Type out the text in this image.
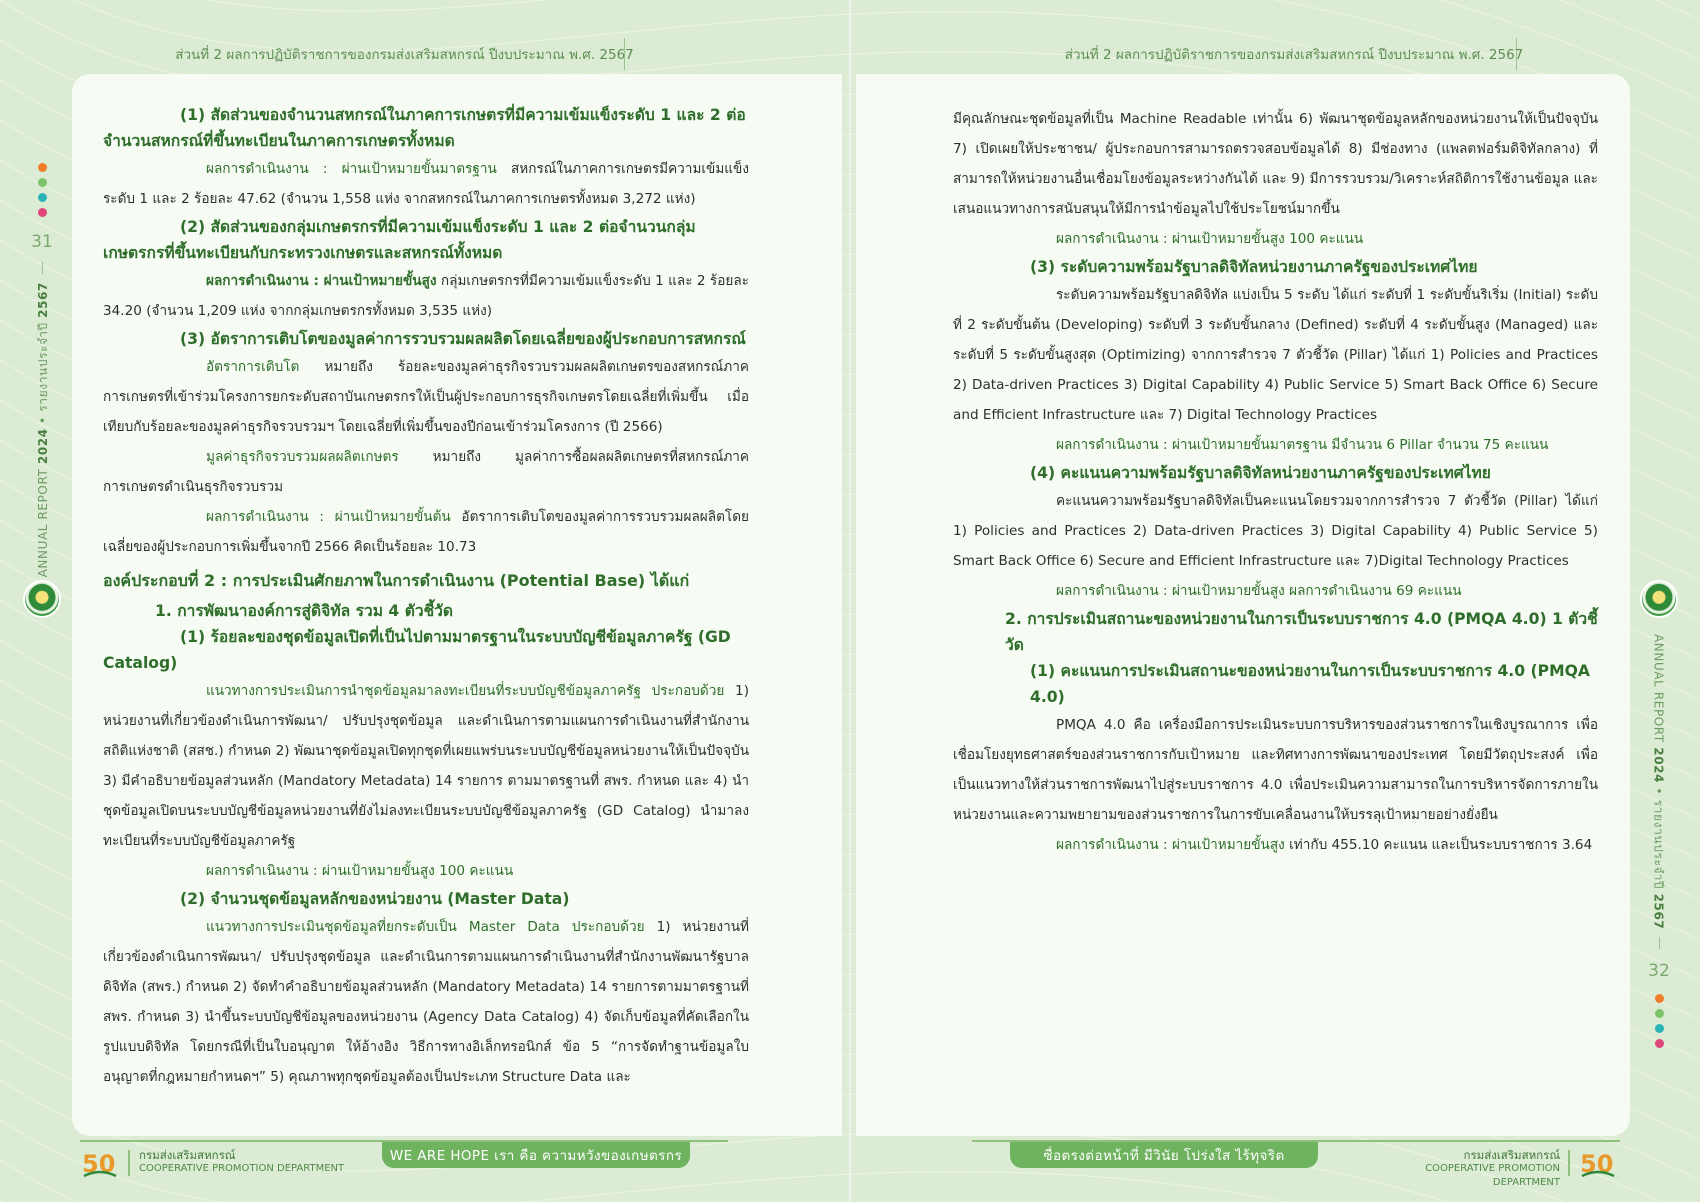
ส่วนที่ 2 ผลการปฏิบัติราชการของกรมส่งเสริมสหกรณ์ ปีงบประมาณ พ.ศ. 2567	ส่วนที่ 2 ผลการปฏิบัติราชการของกรมส่งเสริมสหกรณ์ ปีงบประมาณ พ.ศ. 2567
31
ANNUAL REPORT 2024 • รายงานประจำปี 2567
ANNUAL REPORT 2024 • รายงานประจำปี 2567
32
(1) สัดส่วนของจำนวนสหกรณ์ในภาคการเกษตรที่มีความเข้มแข็งระดับ 1 และ 2 ต่อจำนวนสหกรณ์ที่ขึ้นทะเบียนในภาคการเกษตรทั้งหมด
ผลการดำเนินงาน : ผ่านเป้าหมายขั้นมาตรฐาน สหกรณ์ในภาคการเกษตรมีความเข้มแข็งระดับ 1 และ 2 ร้อยละ 47.62 (จำนวน 1,558 แห่ง จากสหกรณ์ในภาคการเกษตรทั้งหมด 3,272 แห่ง)
(2) สัดส่วนของกลุ่มเกษตรกรที่มีความเข้มแข็งระดับ 1 และ 2 ต่อจำนวนกลุ่มเกษตรกรที่ขึ้นทะเบียนกับกระทรวงเกษตรและสหกรณ์ทั้งหมด
ผลการดำเนินงาน : ผ่านเป้าหมายขั้นสูง กลุ่มเกษตรกรที่มีความเข้มแข็งระดับ 1 และ 2 ร้อยละ 34.20 (จำนวน 1,209 แห่ง จากกลุ่มเกษตรกรทั้งหมด 3,535 แห่ง)
(3) อัตราการเติบโตของมูลค่าการรวบรวมผลผลิตโดยเฉลี่ยของผู้ประกอบการสหกรณ์
อัตราการเติบโต หมายถึง ร้อยละของมูลค่าธุรกิจรวบรวมผลผลิตเกษตรของสหกรณ์ภาคการเกษตรที่เข้าร่วมโครงการยกระดับสถาบันเกษตรกรให้เป็นผู้ประกอบการธุรกิจเกษตรโดยเฉลี่ยที่เพิ่มขึ้น เมื่อเทียบกับร้อยละของมูลค่าธุรกิจรวบรวมฯ โดยเฉลี่ยที่เพิ่มขึ้นของปีก่อนเข้าร่วมโครงการ (ปี 2566)
มูลค่าธุรกิจรวบรวมผลผลิตเกษตร หมายถึง มูลค่าการซื้อผลผลิตเกษตรที่สหกรณ์ภาคการเกษตรดำเนินธุรกิจรวบรวม
ผลการดำเนินงาน : ผ่านเป้าหมายขั้นต้น อัตราการเติบโตของมูลค่าการรวบรวมผลผลิตโดยเฉลี่ยของผู้ประกอบการเพิ่มขึ้นจากปี 2566 คิดเป็นร้อยละ 10.73
องค์ประกอบที่ 2 : การประเมินศักยภาพในการดำเนินงาน (Potential Base) ได้แก่
1. การพัฒนาองค์การสู่ดิจิทัล รวม 4 ตัวชี้วัด
(1) ร้อยละของชุดข้อมูลเปิดที่เป็นไปตามมาตรฐานในระบบบัญชีข้อมูลภาครัฐ (GD Catalog)
แนวทางการประเมินการนำชุดข้อมูลมาลงทะเบียนที่ระบบบัญชีข้อมูลภาครัฐ ประกอบด้วย 1) หน่วยงานที่เกี่ยวข้องดำเนินการพัฒนา/ ปรับปรุงชุดข้อมูล และดำเนินการตามแผนการดำเนินงานที่สำนักงานสถิติแห่งชาติ (สสช.) กำหนด 2) พัฒนาชุดข้อมูลเปิดทุกชุดที่เผยแพร่บนระบบบัญชีข้อมูลหน่วยงานให้เป็นปัจจุบัน 3) มีคำอธิบายข้อมูลส่วนหลัก (Mandatory Metadata) 14 รายการ ตามมาตรฐานที่ สพร. กำหนด และ 4) นำชุดข้อมูลเปิดบนระบบบัญชีข้อมูลหน่วยงานที่ยังไม่ลงทะเบียนระบบบัญชีข้อมูลภาครัฐ (GD Catalog) นำมาลงทะเบียนที่ระบบบัญชีข้อมูลภาครัฐ
ผลการดำเนินงาน : ผ่านเป้าหมายขั้นสูง 100 คะแนน
(2) จำนวนชุดข้อมูลหลักของหน่วยงาน (Master Data)
แนวทางการประเมินชุดข้อมูลที่ยกระดับเป็น Master Data ประกอบด้วย 1) หน่วยงานที่เกี่ยวข้องดำเนินการพัฒนา/ ปรับปรุงชุดข้อมูล และดำเนินการตามแผนการดำเนินงานที่สำนักงานพัฒนารัฐบาลดิจิทัล (สพร.) กำหนด 2) จัดทำคำอธิบายข้อมูลส่วนหลัก (Mandatory Metadata) 14 รายการตามมาตรฐานที่ สพร. กำหนด 3) นำขึ้นระบบบัญชีข้อมูลของหน่วยงาน (Agency Data Catalog) 4) จัดเก็บข้อมูลที่คัดเลือกในรูปแบบดิจิทัล โดยกรณีที่เป็นใบอนุญาต ให้อ้างอิง วิธีการทางอิเล็กทรอนิกส์ ข้อ 5 “การจัดทำฐานข้อมูลใบอนุญาตที่กฎหมายกำหนดฯ” 5) คุณภาพทุกชุดข้อมูลต้องเป็นประเภท Structure Data และ
มีคุณลักษณะชุดข้อมูลที่เป็น Machine Readable เท่านั้น 6) พัฒนาชุดข้อมูลหลักของหน่วยงานให้เป็นปัจจุบัน 7) เปิดเผยให้ประชาชน/ ผู้ประกอบการสามารถตรวจสอบข้อมูลได้ 8) มีช่องทาง (แพลตฟอร์มดิจิทัลกลาง) ที่สามารถให้หน่วยงานอื่นเชื่อมโยงข้อมูลระหว่างกันได้ และ 9) มีการรวบรวม/วิเคราะห์สถิติการใช้งานข้อมูล และเสนอแนวทางการสนับสนุนให้มีการนำข้อมูลไปใช้ประโยชน์มากขึ้น
ผลการดำเนินงาน : ผ่านเป้าหมายขั้นสูง 100 คะแนน
(3) ระดับความพร้อมรัฐบาลดิจิทัลหน่วยงานภาครัฐของประเทศไทย
ระดับความพร้อมรัฐบาลดิจิทัล แบ่งเป็น 5 ระดับ ได้แก่ ระดับที่ 1 ระดับขั้นริเริ่ม (Initial) ระดับที่ 2 ระดับขั้นต้น (Developing) ระดับที่ 3 ระดับขั้นกลาง (Defined) ระดับที่ 4 ระดับขั้นสูง (Managed) และระดับที่ 5 ระดับขั้นสูงสุด (Optimizing) จากการสำรวจ 7 ตัวชี้วัด (Pillar) ได้แก่ 1) Policies and Practices 2) Data-driven Practices 3) Digital Capability 4) Public Service 5) Smart Back Office 6) Secure and Efficient Infrastructure และ 7) Digital Technology Practices
ผลการดำเนินงาน : ผ่านเป้าหมายขั้นมาตรฐาน มีจำนวน 6 Pillar จำนวน 75 คะแนน
(4) คะแนนความพร้อมรัฐบาลดิจิทัลหน่วยงานภาครัฐของประเทศไทย
คะแนนความพร้อมรัฐบาลดิจิทัลเป็นคะแนนโดยรวมจากการสำรวจ 7 ตัวชี้วัด (Pillar) ได้แก่ 1) Policies and Practices 2) Data-driven Practices 3) Digital Capability 4) Public Service 5) Smart Back Office 6) Secure and Efficient Infrastructure และ 7)Digital Technology Practices
ผลการดำเนินงาน : ผ่านเป้าหมายขั้นสูง ผลการดำเนินงาน 69 คะแนน
2. การประเมินสถานะของหน่วยงานในการเป็นระบบราชการ 4.0 (PMQA 4.0) 1 ตัวชี้วัด
(1) คะแนนการประเมินสถานะของหน่วยงานในการเป็นระบบราชการ 4.0 (PMQA 4.0)
PMQA 4.0 คือ เครื่องมือการประเมินระบบการบริหารของส่วนราชการในเชิงบูรณาการ เพื่อเชื่อมโยงยุทธศาสตร์ของส่วนราชการกับเป้าหมาย และทิศทางการพัฒนาของประเทศ โดยมีวัตถุประสงค์ เพื่อเป็นแนวทางให้ส่วนราชการพัฒนาไปสู่ระบบราชการ 4.0 เพื่อประเมินความสามารถในการบริหารจัดการภายในหน่วยงานและความพยายามของส่วนราชการในการขับเคลื่อนงานให้บรรลุเป้าหมายอย่างยั่งยืน
ผลการดำเนินงาน : ผ่านเป้าหมายขั้นสูง เท่ากับ 455.10 คะแนน และเป็นระบบราชการ 3.64
50 กรมส่งเสริมสหกรณ์
COOPERATIVE PROMOTION DEPARTMENT
WE ARE HOPE เรา คือ ความหวังของเกษตรกร	ซื่อตรงต่อหน้าที่ มีวินัย โปร่งใส ไร้ทุจริต	กรมส่งเสริมสหกรณ์
COOPERATIVE PROMOTION DEPARTMENT
50
